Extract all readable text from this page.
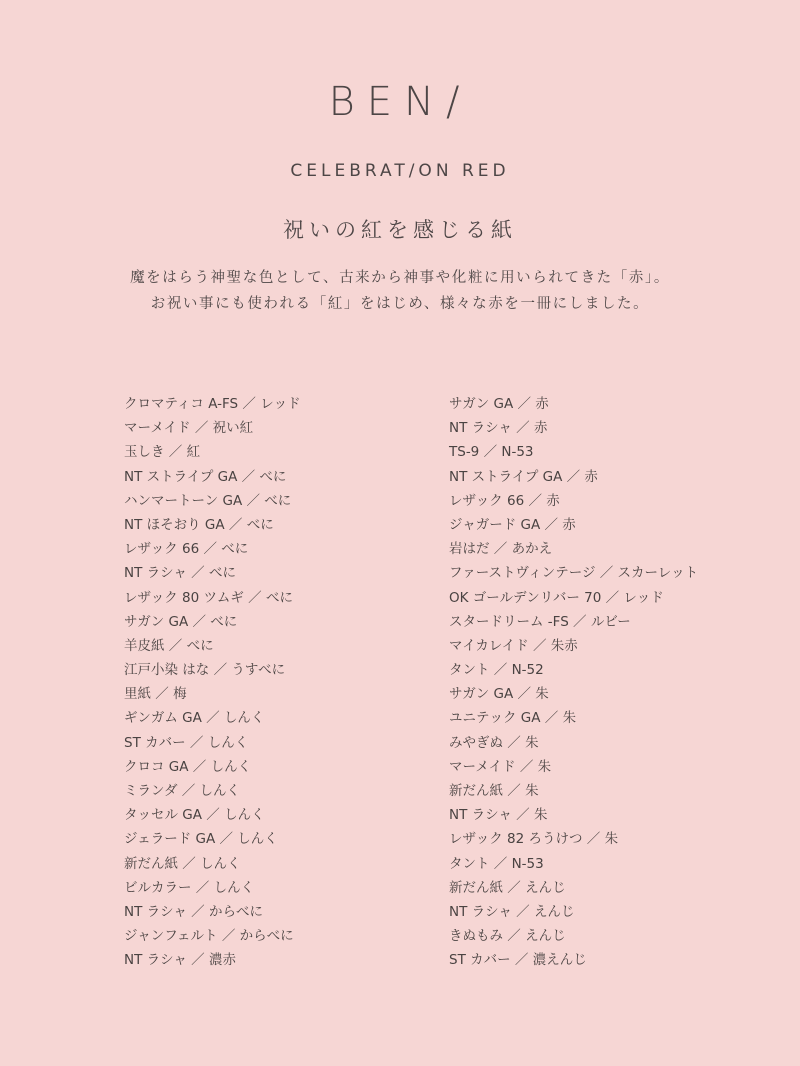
BEN/
CELEBRAT/ON RED
祝いの紅を感じる紙
魔をはらう神聖な色として、古来から神事や化粧に用いられてきた「赤」。
お祝い事にも使われる「紅」をはじめ、様々な赤を一冊にしました。
クロマティコ A-FS ／ レッド
マーメイド ／ 祝い紅
玉しき ／ 紅
NT ストライプ GA ／ べに
ハンマートーン GA ／ べに
NT ほそおり GA ／ べに
レザック 66 ／ べに
NT ラシャ ／ べに
レザック 80 ツムギ ／ べに
サガン GA ／ べに
羊皮紙 ／ べに
江戸小染 はな ／ うすべに
里紙 ／ 梅
ギンガム GA ／ しんく
ST カバー ／ しんく
クロコ GA ／ しんく
ミランダ ／ しんく
タッセル GA ／ しんく
ジェラード GA ／ しんく
新だん紙 ／ しんく
ビルカラー ／ しんく
NT ラシャ ／ からべに
ジャンフェルト ／ からべに
NT ラシャ ／ 濃赤
サガン GA ／ 赤
NT ラシャ ／ 赤
TS-9 ／ N-53
NT ストライプ GA ／ 赤
レザック 66 ／ 赤
ジャガード GA ／ 赤
岩はだ ／ あかえ
ファーストヴィンテージ ／ スカーレット
OK ゴールデンリバー 70 ／ レッド
スタードリーム -FS ／ ルビー
マイカレイド ／ 朱赤
タント ／ N-52
サガン GA ／ 朱
ユニテック GA ／ 朱
みやぎぬ ／ 朱
マーメイド ／ 朱
新だん紙 ／ 朱
NT ラシャ ／ 朱
レザック 82 ろうけつ ／ 朱
タント ／ N-53
新だん紙 ／ えんじ
NT ラシャ ／ えんじ
きぬもみ ／ えんじ
ST カバー ／ 濃えんじ
